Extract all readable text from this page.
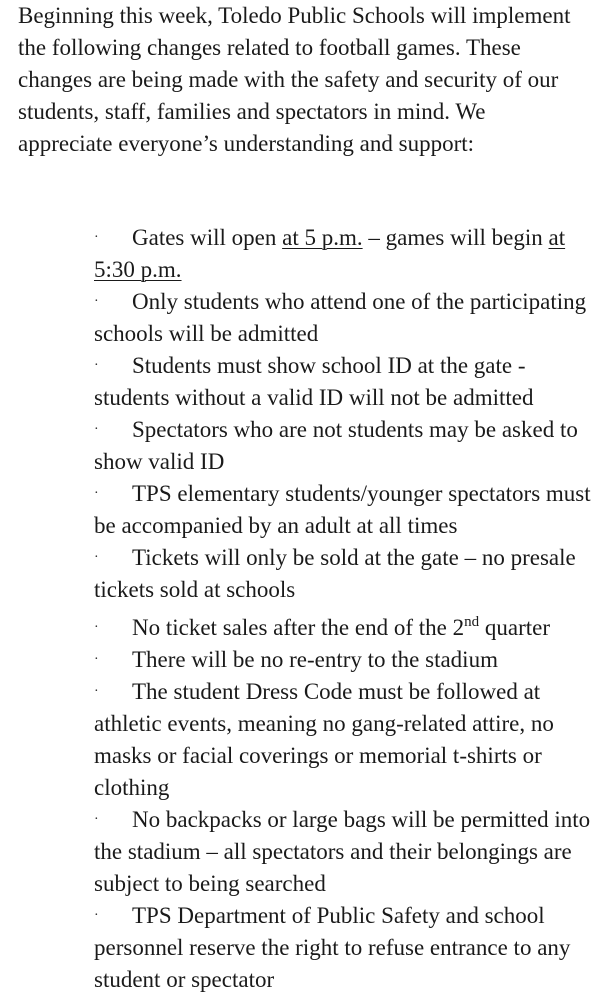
Beginning this week, Toledo Public Schools will implement the following changes related to football games. These changes are being made with the safety and security of our students, staff, families and spectators in mind. We appreciate everyone’s understanding and support:

· Gates will open at 5 p.m. – games will begin at 5:30 p.m.
· Only students who attend one of the participating schools will be admitted
· Students must show school ID at the gate - students without a valid ID will not be admitted
· Spectators who are not students may be asked to show valid ID
· TPS elementary students/younger spectators must be accompanied by an adult at all times
· Tickets will only be sold at the gate – no presale tickets sold at schools
· No ticket sales after the end of the 2nd quarter
· There will be no re-entry to the stadium
· The student Dress Code must be followed at athletic events, meaning no gang-related attire, no masks or facial coverings or memorial t-shirts or clothing
· No backpacks or large bags will be permitted into the stadium – all spectators and their belongings are subject to being searched
· TPS Department of Public Safety and school personnel reserve the right to refuse entrance to any student or spectator
